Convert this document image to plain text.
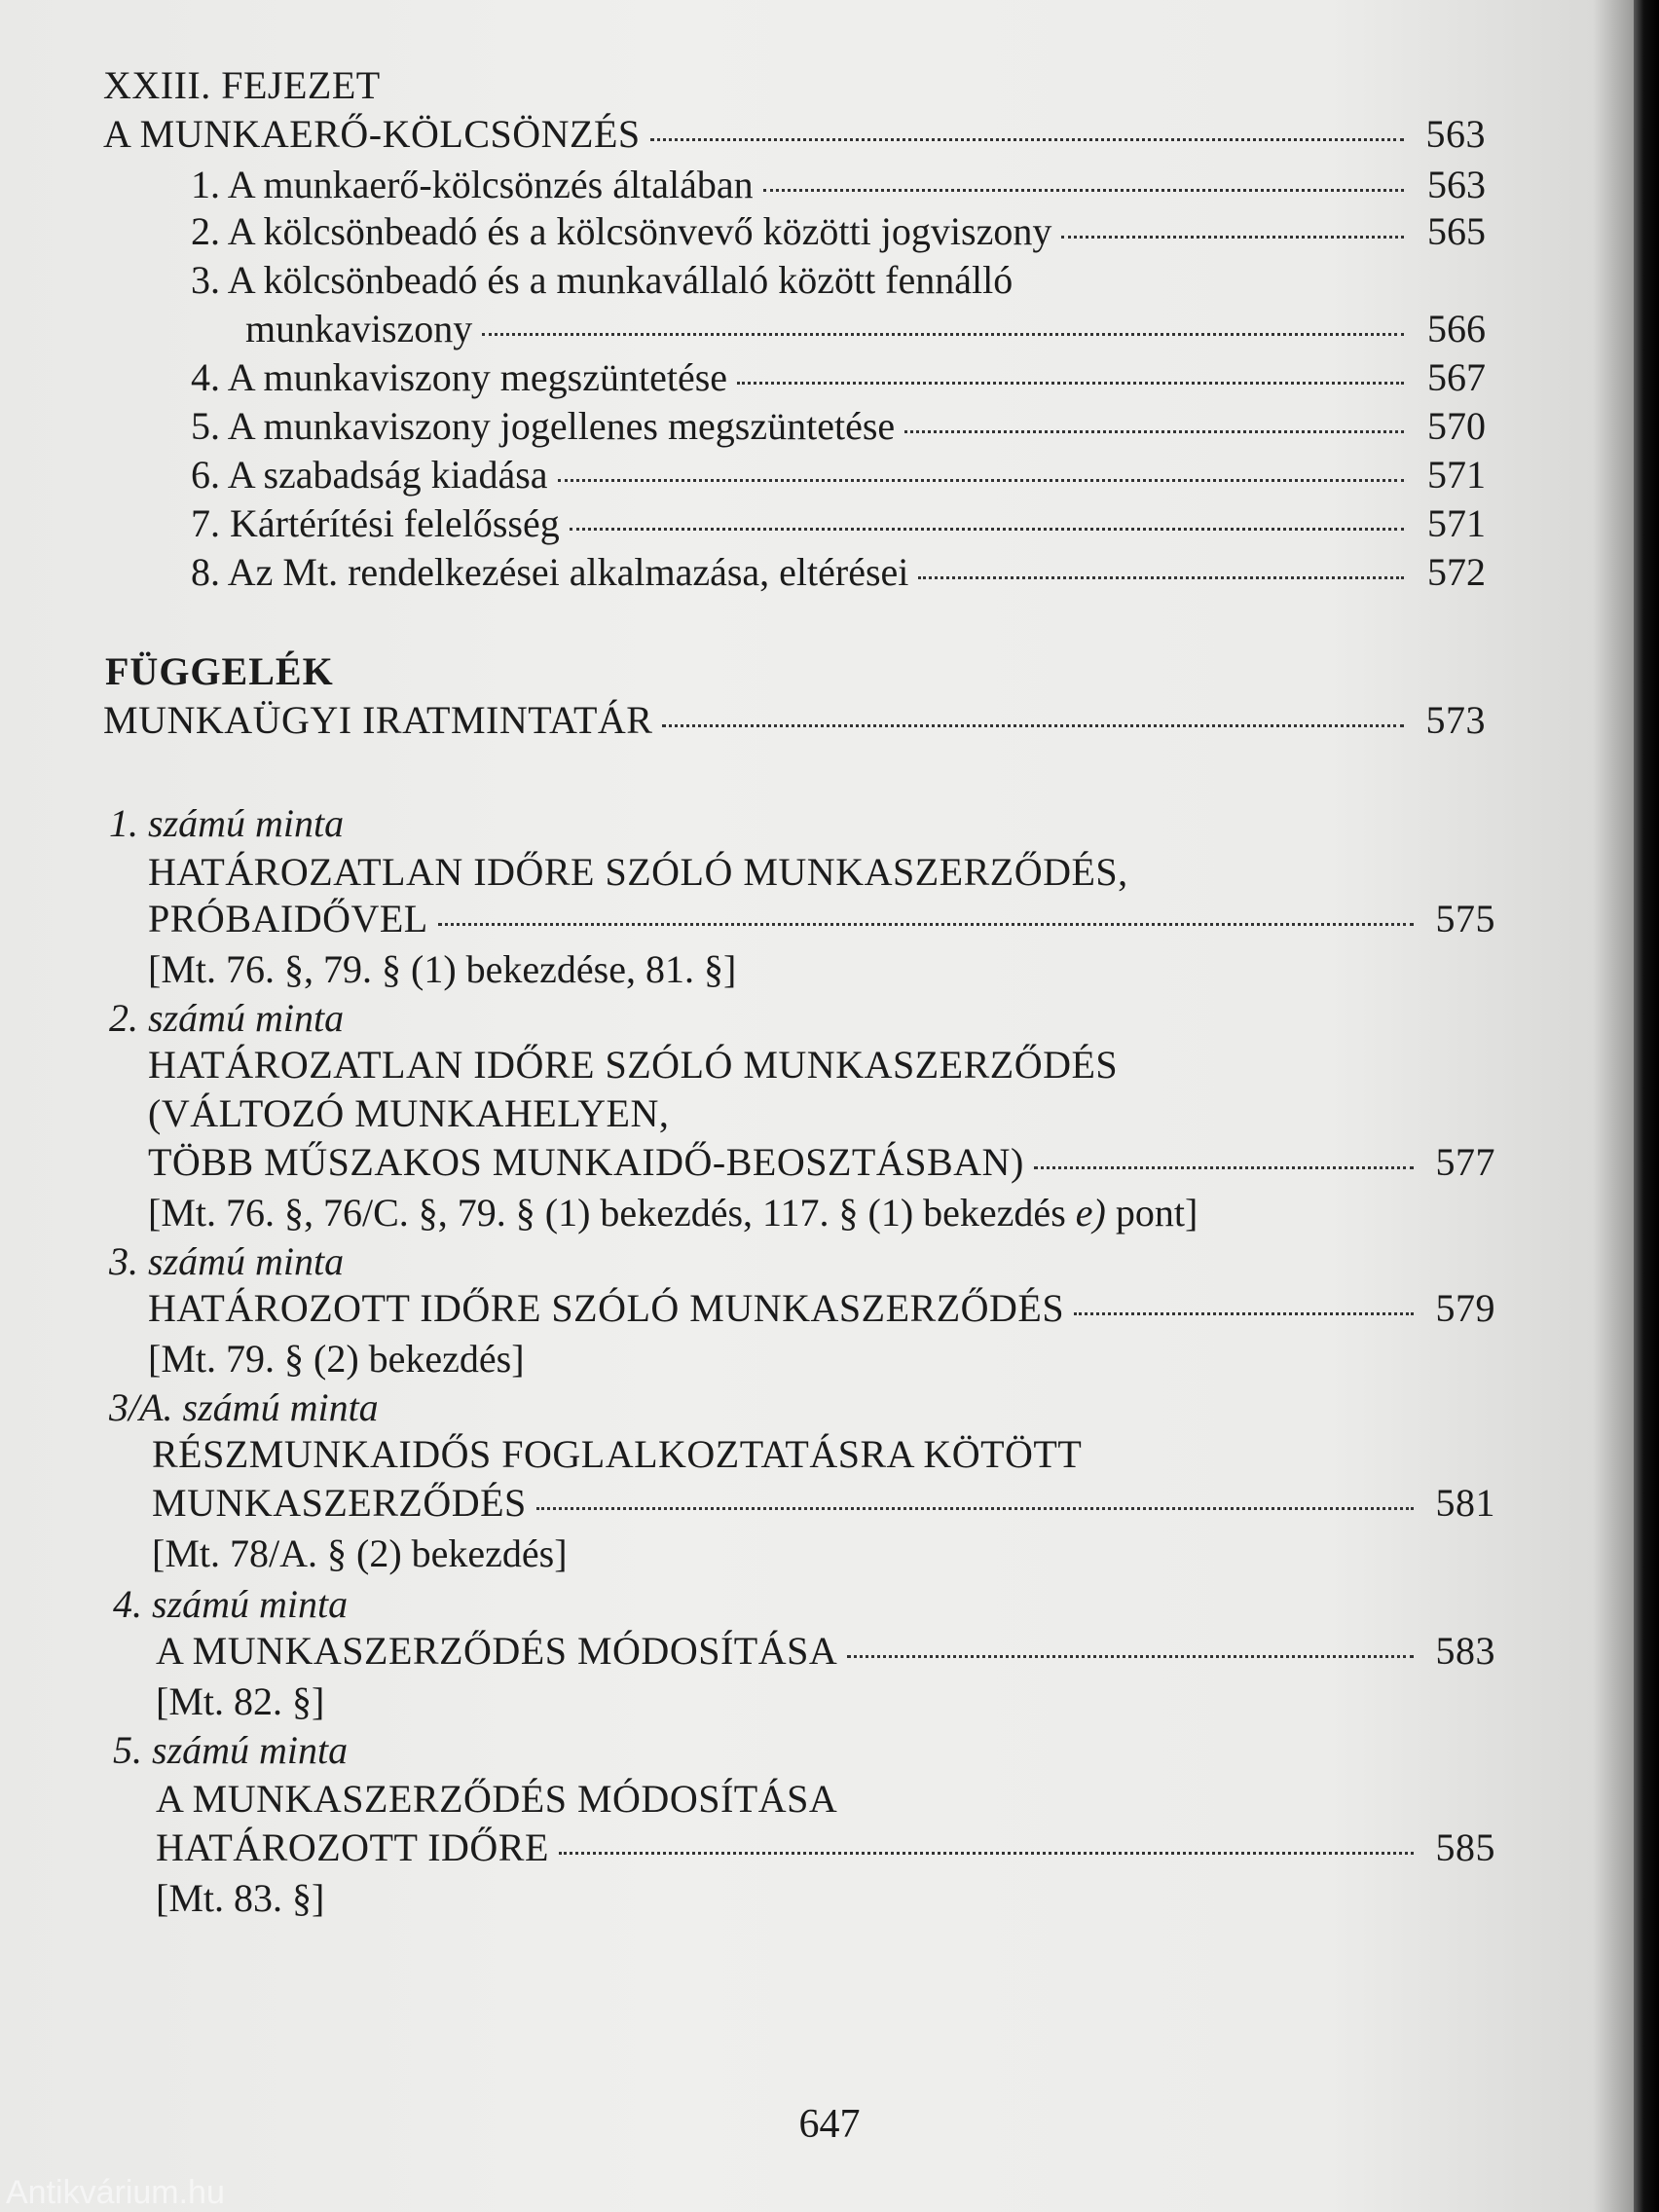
XXIII. FEJEZET
A MUNKAERŐ-KÖLCSÖNZÉS	563
1. A munkaerő-kölcsönzés általában	563
2. A kölcsönbeadó és a kölcsönvevő közötti jogviszony	565
3. A kölcsönbeadó és a munkavállaló között fennálló
munkaviszony	566
4. A munkaviszony megszüntetése	567
5. A munkaviszony jogellenes megszüntetése	570
6. A szabadság kiadása	571
7. Kártérítési felelősség	571
8. Az Mt. rendelkezései alkalmazása, eltérései	572
FÜGGELÉK
MUNKAÜGYI IRATMINTATÁR	573
1. számú minta
HATÁROZATLAN IDŐRE SZÓLÓ MUNKASZERZŐDÉS,
PRÓBAIDŐVEL	575
[Mt. 76. §, 79. § (1) bekezdése, 81. §]
2. számú minta
HATÁROZATLAN IDŐRE SZÓLÓ MUNKASZERZŐDÉS
(VÁLTOZÓ MUNKAHELYEN,
TÖBB MŰSZAKOS MUNKAIDŐ-BEOSZTÁSBAN)	577
[Mt. 76. §, 76/C. §, 79. § (1) bekezdés, 117. § (1) bekezdés e) pont]
3. számú minta
HATÁROZOTT IDŐRE SZÓLÓ MUNKASZERZŐDÉS	579
[Mt. 79. § (2) bekezdés]
3/A. számú minta
RÉSZMUNKAIDŐS FOGLALKOZTATÁSRA KÖTÖTT
MUNKASZERZŐDÉS	581
[Mt. 78/A. § (2) bekezdés]
4. számú minta
A MUNKASZERZŐDÉS MÓDOSÍTÁSA	583
[Mt. 82. §]
5. számú minta
A MUNKASZERZŐDÉS MÓDOSÍTÁSA
HATÁROZOTT IDŐRE	585
[Mt. 83. §]
647
Antikvárium.hu
